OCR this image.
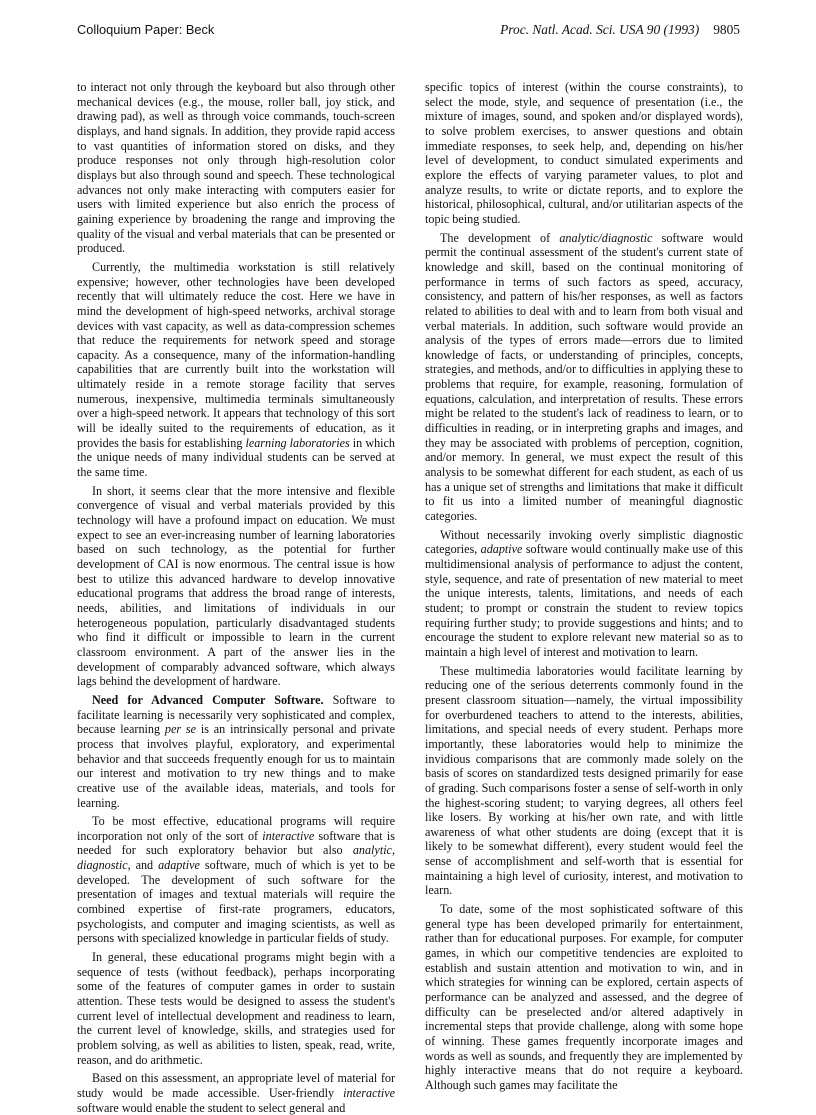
Colloquium Paper: Beck	Proc. Natl. Acad. Sci. USA 90 (1993) 9805

to interact not only through the keyboard but also through other mechanical devices (e.g., the mouse, roller ball, joy stick, and drawing pad), as well as through voice commands, touch-screen displays, and hand signals. In addition, they provide rapid access to vast quantities of information stored on disks, and they produce responses not only through high-resolution color displays but also through sound and speech. These technological advances not only make interacting with computers easier for users with limited experience but also enrich the process of gaining experience by broadening the range and improving the quality of the visual and verbal materials that can be presented or produced.

Currently, the multimedia workstation is still relatively expensive; however, other technologies have been developed recently that will ultimately reduce the cost. Here we have in mind the development of high-speed networks, archival storage devices with vast capacity, as well as data-compression schemes that reduce the requirements for network speed and storage capacity. As a consequence, many of the information-handling capabilities that are currently built into the workstation will ultimately reside in a remote storage facility that serves numerous, inexpensive, multimedia terminals simultaneously over a high-speed network. It appears that technology of this sort will be ideally suited to the requirements of education, as it provides the basis for establishing learning laboratories in which the unique needs of many individual students can be served at the same time.

In short, it seems clear that the more intensive and flexible convergence of visual and verbal materials provided by this technology will have a profound impact on education. We must expect to see an ever-increasing number of learning laboratories based on such technology, as the potential for further development of CAI is now enormous. The central issue is how best to utilize this advanced hardware to develop innovative educational programs that address the broad range of interests, needs, abilities, and limitations of individuals in our heterogeneous population, particularly disadvantaged students who find it difficult or impossible to learn in the current classroom environment. A part of the answer lies in the development of comparably advanced software, which always lags behind the development of hardware.

Need for Advanced Computer Software. Software to facilitate learning is necessarily very sophisticated and complex, because learning per se is an intrinsically personal and private process that involves playful, exploratory, and experimental behavior and that succeeds frequently enough for us to maintain our interest and motivation to try new things and to make creative use of the available ideas, materials, and tools for learning.

To be most effective, educational programs will require incorporation not only of the sort of interactive software that is needed for such exploratory behavior but also analytic, diagnostic, and adaptive software, much of which is yet to be developed. The development of such software for the presentation of images and textual materials will require the combined expertise of first-rate programers, educators, psychologists, and computer and imaging scientists, as well as persons with specialized knowledge in particular fields of study.

In general, these educational programs might begin with a sequence of tests (without feedback), perhaps incorporating some of the features of computer games in order to sustain attention. These tests would be designed to assess the student's current level of intellectual development and readiness to learn, the current level of knowledge, skills, and strategies used for problem solving, as well as abilities to listen, speak, read, write, reason, and do arithmetic.

Based on this assessment, an appropriate level of material for study would be made accessible. User-friendly interactive software would enable the student to select general and

specific topics of interest (within the course constraints), to select the mode, style, and sequence of presentation (i.e., the mixture of images, sound, and spoken and/or displayed words), to solve problem exercises, to answer questions and obtain immediate responses, to seek help, and, depending on his/her level of development, to conduct simulated experiments and explore the effects of varying parameter values, to plot and analyze results, to write or dictate reports, and to explore the historical, philosophical, cultural, and/or utilitarian aspects of the topic being studied.

The development of analytic/diagnostic software would permit the continual assessment of the student's current state of knowledge and skill, based on the continual monitoring of performance in terms of such factors as speed, accuracy, consistency, and pattern of his/her responses, as well as factors related to abilities to deal with and to learn from both visual and verbal materials. In addition, such software would provide an analysis of the types of errors made—errors due to limited knowledge of facts, or understanding of principles, concepts, strategies, and methods, and/or to difficulties in applying these to problems that require, for example, reasoning, formulation of equations, calculation, and interpretation of results. These errors might be related to the student's lack of readiness to learn, or to difficulties in reading, or in interpreting graphs and images, and they may be associated with problems of perception, cognition, and/or memory. In general, we must expect the result of this analysis to be somewhat different for each student, as each of us has a unique set of strengths and limitations that make it difficult to fit us into a limited number of meaningful diagnostic categories.

Without necessarily invoking overly simplistic diagnostic categories, adaptive software would continually make use of this multidimensional analysis of performance to adjust the content, style, sequence, and rate of presentation of new material to meet the unique interests, talents, limitations, and needs of each student; to prompt or constrain the student to review topics requiring further study; to provide suggestions and hints; and to encourage the student to explore relevant new material so as to maintain a high level of interest and motivation to learn.

These multimedia laboratories would facilitate learning by reducing one of the serious deterrents commonly found in the present classroom situation—namely, the virtual impossibility for overburdened teachers to attend to the interests, abilities, limitations, and special needs of every student. Perhaps more importantly, these laboratories would help to minimize the invidious comparisons that are commonly made solely on the basis of scores on standardized tests designed primarily for ease of grading. Such comparisons foster a sense of self-worth in only the highest-scoring student; to varying degrees, all others feel like losers. By working at his/her own rate, and with little awareness of what other students are doing (except that it is likely to be somewhat different), every student would feel the sense of accomplishment and self-worth that is essential for maintaining a high level of curiosity, interest, and motivation to learn.

To date, some of the most sophisticated software of this general type has been developed primarily for entertainment, rather than for educational purposes. For example, for computer games, in which our competitive tendencies are exploited to establish and sustain attention and motivation to win, and in which strategies for winning can be explored, certain aspects of performance can be analyzed and assessed, and the degree of difficulty can be preselected and/or altered adaptively in incremental steps that provide challenge, along with some hope of winning. These games frequently incorporate images and words as well as sounds, and frequently they are implemented by highly interactive means that do not require a keyboard. Although such games may facilitate the
